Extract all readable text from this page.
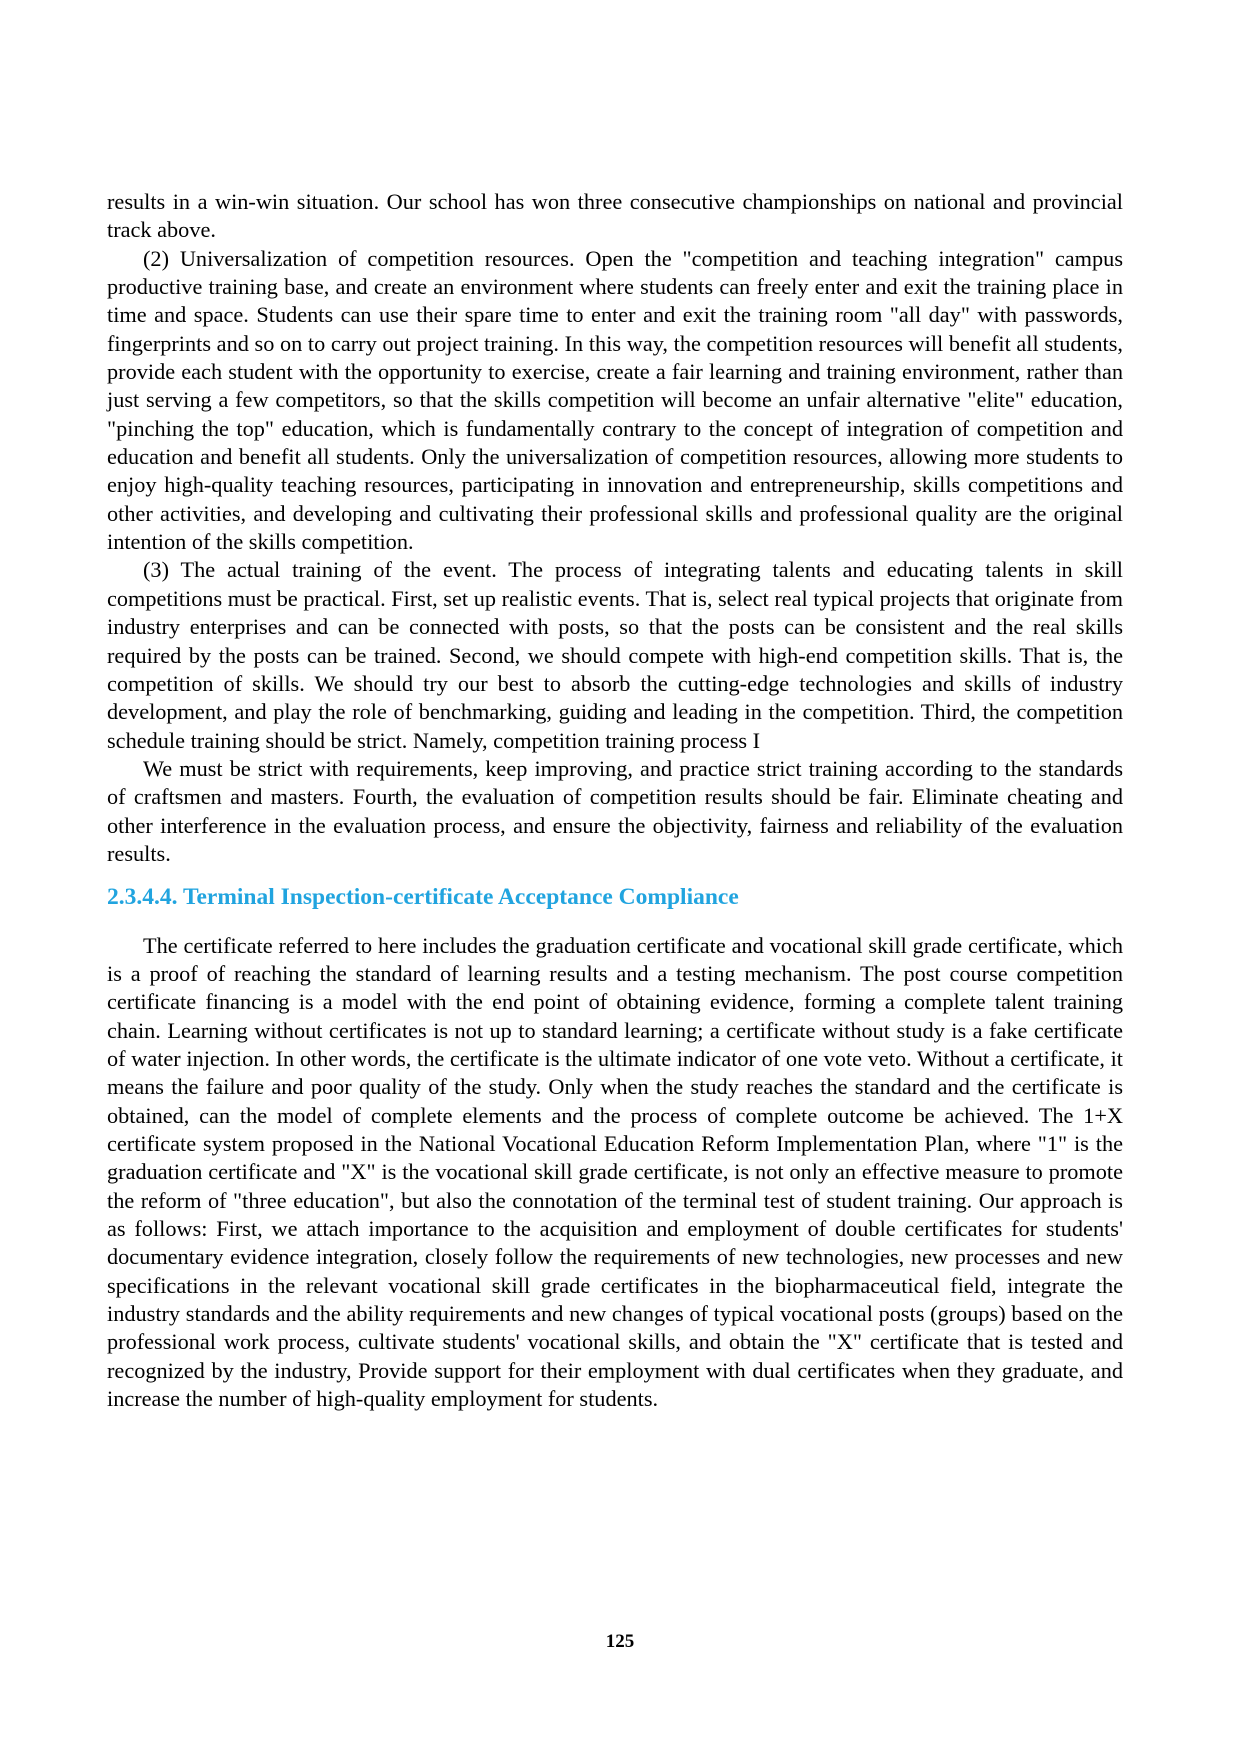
results in a win-win situation. Our school has won three consecutive championships on national and provincial track above.

(2) Universalization of competition resources. Open the "competition and teaching integration" campus productive training base, and create an environment where students can freely enter and exit the training place in time and space. Students can use their spare time to enter and exit the training room "all day" with passwords, fingerprints and so on to carry out project training. In this way, the competition resources will benefit all students, provide each student with the opportunity to exercise, create a fair learning and training environment, rather than just serving a few competitors, so that the skills competition will become an unfair alternative "elite" education, "pinching the top" education, which is fundamentally contrary to the concept of integration of competition and education and benefit all students. Only the universalization of competition resources, allowing more students to enjoy high-quality teaching resources, participating in innovation and entrepreneurship, skills competitions and other activities, and developing and cultivating their professional skills and professional quality are the original intention of the skills competition.

(3) The actual training of the event. The process of integrating talents and educating talents in skill competitions must be practical. First, set up realistic events. That is, select real typical projects that originate from industry enterprises and can be connected with posts, so that the posts can be consistent and the real skills required by the posts can be trained. Second, we should compete with high-end competition skills. That is, the competition of skills. We should try our best to absorb the cutting-edge technologies and skills of industry development, and play the role of benchmarking, guiding and leading in the competition. Third, the competition schedule training should be strict. Namely, competition training process I

We must be strict with requirements, keep improving, and practice strict training according to the standards of craftsmen and masters. Fourth, the evaluation of competition results should be fair. Eliminate cheating and other interference in the evaluation process, and ensure the objectivity, fairness and reliability of the evaluation results.

2.3.4.4. Terminal Inspection-certificate Acceptance Compliance

The certificate referred to here includes the graduation certificate and vocational skill grade certificate, which is a proof of reaching the standard of learning results and a testing mechanism. The post course competition certificate financing is a model with the end point of obtaining evidence, forming a complete talent training chain. Learning without certificates is not up to standard learning; a certificate without study is a fake certificate of water injection. In other words, the certificate is the ultimate indicator of one vote veto. Without a certificate, it means the failure and poor quality of the study. Only when the study reaches the standard and the certificate is obtained, can the model of complete elements and the process of complete outcome be achieved. The 1+X certificate system proposed in the National Vocational Education Reform Implementation Plan, where "1" is the graduation certificate and "X" is the vocational skill grade certificate, is not only an effective measure to promote the reform of "three education", but also the connotation of the terminal test of student training. Our approach is as follows: First, we attach importance to the acquisition and employment of double certificates for students' documentary evidence integration, closely follow the requirements of new technologies, new processes and new specifications in the relevant vocational skill grade certificates in the biopharmaceutical field, integrate the industry standards and the ability requirements and new changes of typical vocational posts (groups) based on the professional work process, cultivate students' vocational skills, and obtain the "X" certificate that is tested and recognized by the industry, Provide support for their employment with dual certificates when they graduate, and increase the number of high-quality employment for students.

125
